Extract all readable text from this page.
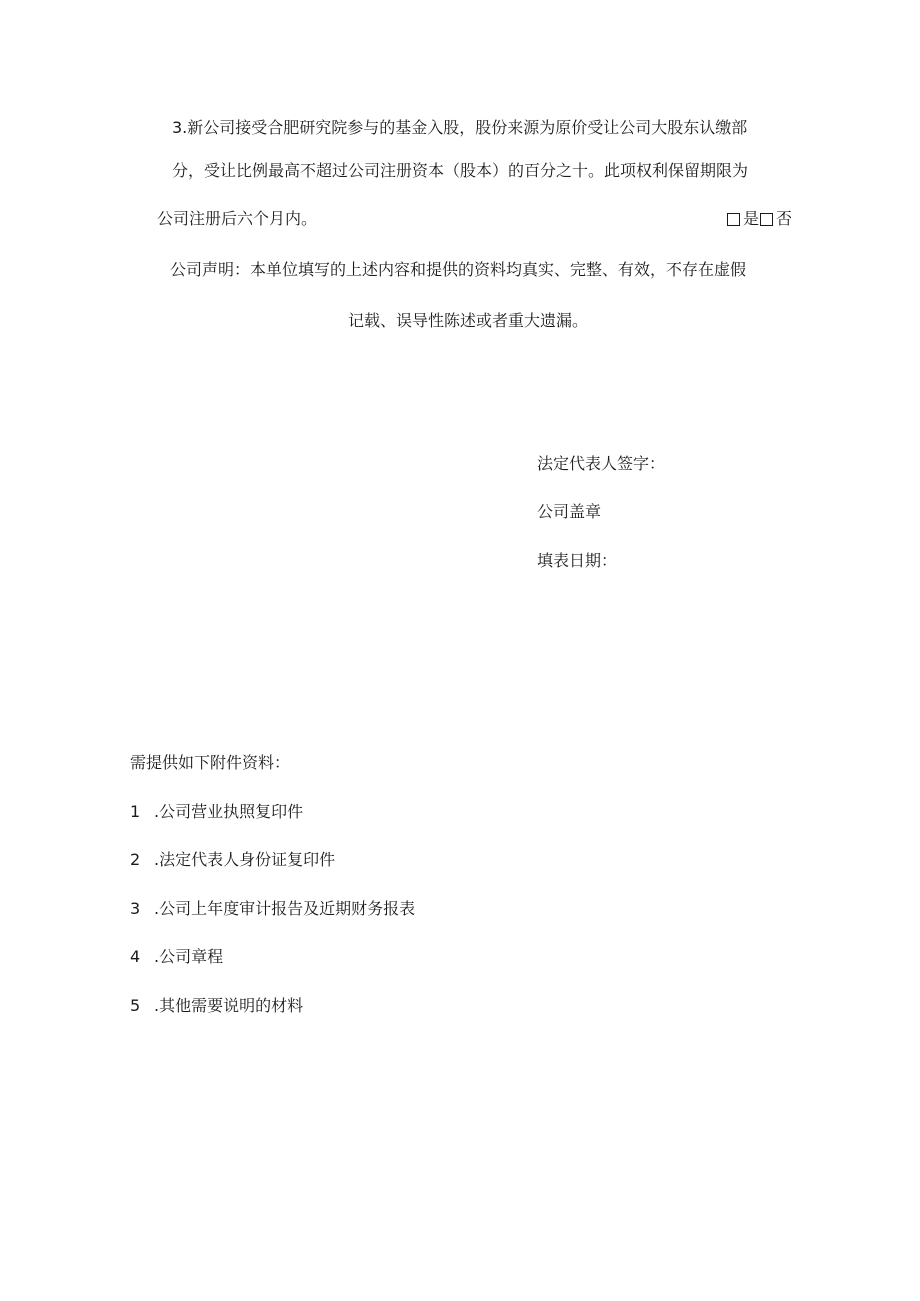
3.新公司接受合肥研究院参与的基金入股，股份来源为原价受让公司大股东认缴部
分，受让比例最高不超过公司注册资本（股本）的百分之十。此项权利保留期限为
公司注册后六个月内。	是 否
公司声明：本单位填写的上述内容和提供的资料均真实、完整、有效，不存在虚假
记载、误导性陈述或者重大遗漏。
法定代表人签字：
公司盖章
填表日期：
需提供如下附件资料：
1 .公司营业执照复印件
2 .法定代表人身份证复印件
3 .公司上年度审计报告及近期财务报表
4 .公司章程
5 .其他需要说明的材料
